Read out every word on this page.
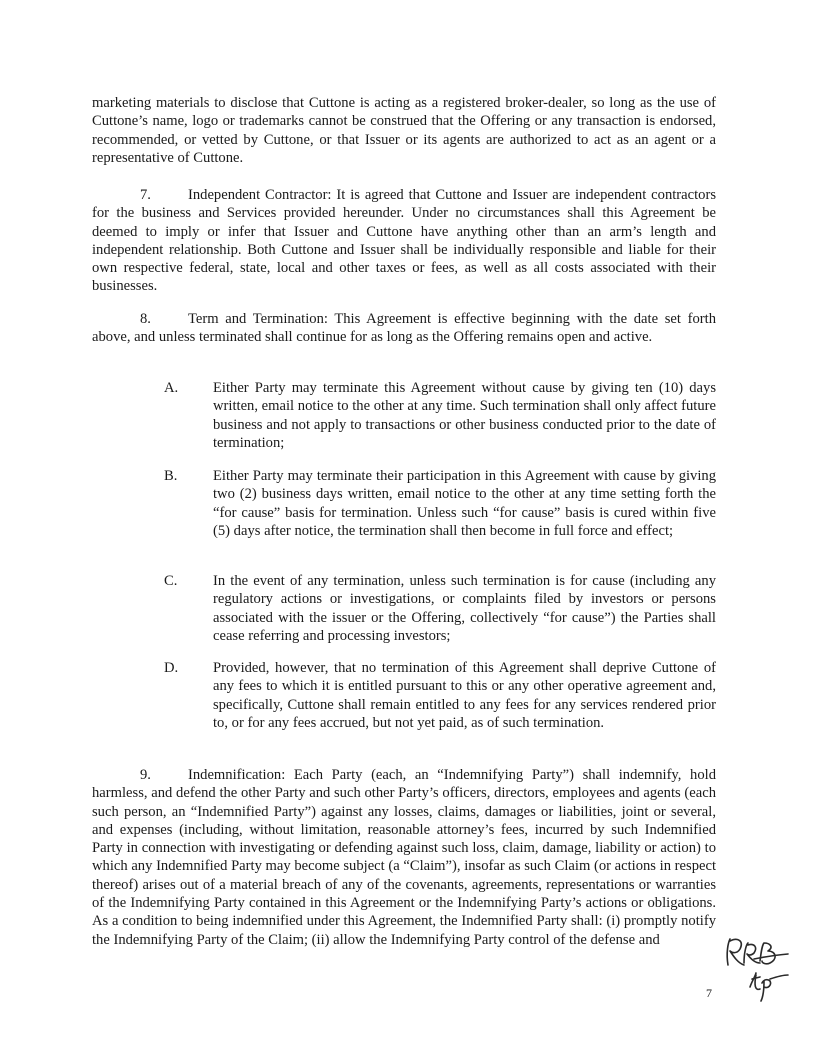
marketing materials to disclose that Cuttone is acting as a registered broker-dealer, so long as the use of Cuttone’s name, logo or trademarks cannot be construed that the Offering or any transaction is endorsed, recommended, or vetted by Cuttone, or that Issuer or its agents are authorized to act as an agent or a representative of Cuttone.

7.	Independent Contractor: It is agreed that Cuttone and Issuer are independent contractors for the business and Services provided hereunder. Under no circumstances shall this Agreement be deemed to imply or infer that Issuer and Cuttone have anything other than an arm’s length and independent relationship. Both Cuttone and Issuer shall be individually responsible and liable for their own respective federal, state, local and other taxes or fees, as well as all costs associated with their businesses.

8.	Term and Termination: This Agreement is effective beginning with the date set forth above, and unless terminated shall continue for as long as the Offering remains open and active.

A.	Either Party may terminate this Agreement without cause by giving ten (10) days written, email notice to the other at any time. Such termination shall only affect future business and not apply to transactions or other business conducted prior to the date of termination;
B.	Either Party may terminate their participation in this Agreement with cause by giving two (2) business days written, email notice to the other at any time setting forth the “for cause” basis for termination. Unless such “for cause” basis is cured within five (5) days after notice, the termination shall then become in full force and effect;
C.	In the event of any termination, unless such termination is for cause (including any regulatory actions or investigations, or complaints filed by investors or persons associated with the issuer or the Offering, collectively “for cause”) the Parties shall cease referring and processing investors;
D.	Provided, however, that no termination of this Agreement shall deprive Cuttone of any fees to which it is entitled pursuant to this or any other operative agreement and, specifically, Cuttone shall remain entitled to any fees for any services rendered prior to, or for any fees accrued, but not yet paid, as of such termination.

9.	Indemnification: Each Party (each, an “Indemnifying Party”) shall indemnify, hold harmless, and defend the other Party and such other Party’s officers, directors, employees and agents (each such person, an “Indemnified Party”) against any losses, claims, damages or liabilities, joint or several, and expenses (including, without limitation, reasonable attorney’s fees, incurred by such Indemnified Party in connection with investigating or defending against such loss, claim, damage, liability or action) to which any Indemnified Party may become subject (a “Claim”), insofar as such Claim (or actions in respect thereof) arises out of a material breach of any of the covenants, agreements, representations or warranties of the Indemnifying Party contained in this Agreement or the Indemnifying Party’s actions or obligations. As a condition to being indemnified under this Agreement, the Indemnified Party shall: (i) promptly notify the Indemnifying Party of the Claim; (ii) allow the Indemnifying Party control of the defense and

7
